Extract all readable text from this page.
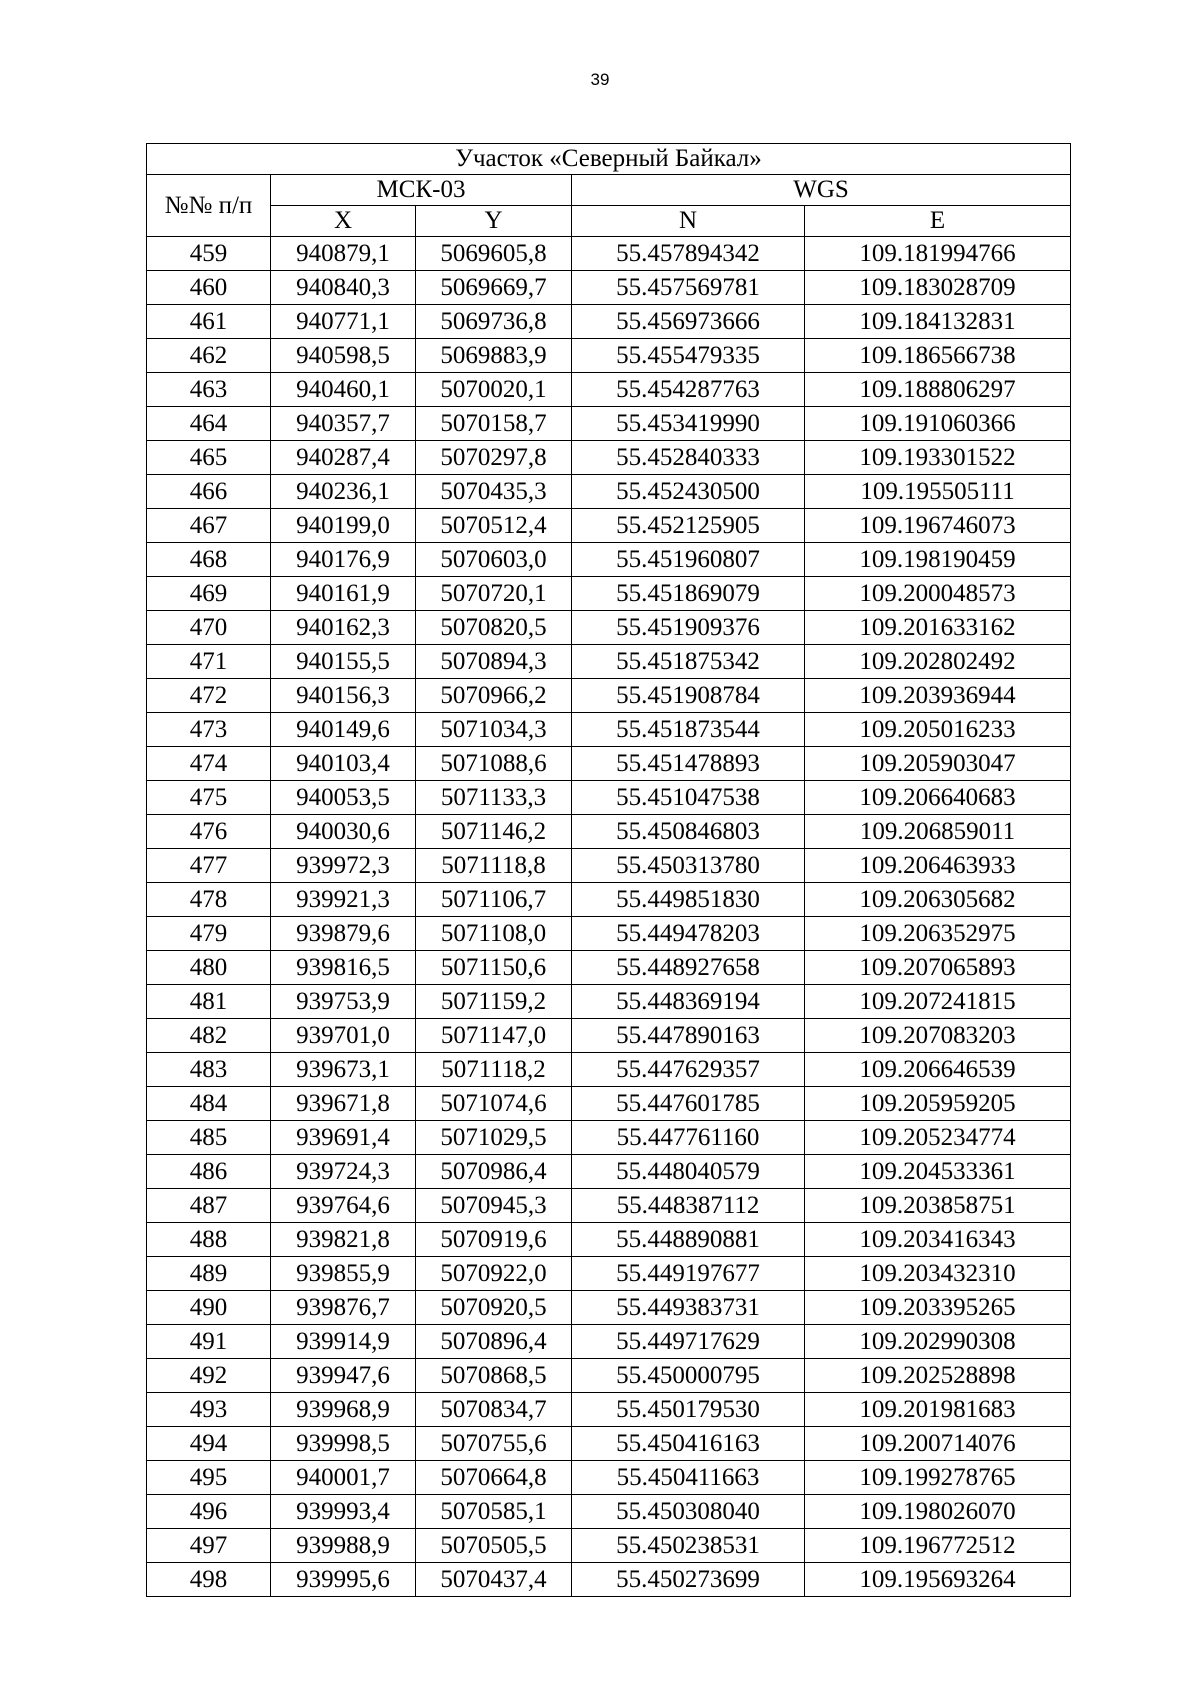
39
Участок «Северный Байкал»				
№№ п/п	МСК-03		WGS	
	X	Y	N	E
459	940879,1	5069605,8	55.457894342	109.181994766
460	940840,3	5069669,7	55.457569781	109.183028709
461	940771,1	5069736,8	55.456973666	109.184132831
462	940598,5	5069883,9	55.455479335	109.186566738
463	940460,1	5070020,1	55.454287763	109.188806297
464	940357,7	5070158,7	55.453419990	109.191060366
465	940287,4	5070297,8	55.452840333	109.193301522
466	940236,1	5070435,3	55.452430500	109.195505111
467	940199,0	5070512,4	55.452125905	109.196746073
468	940176,9	5070603,0	55.451960807	109.198190459
469	940161,9	5070720,1	55.451869079	109.200048573
470	940162,3	5070820,5	55.451909376	109.201633162
471	940155,5	5070894,3	55.451875342	109.202802492
472	940156,3	5070966,2	55.451908784	109.203936944
473	940149,6	5071034,3	55.451873544	109.205016233
474	940103,4	5071088,6	55.451478893	109.205903047
475	940053,5	5071133,3	55.451047538	109.206640683
476	940030,6	5071146,2	55.450846803	109.206859011
477	939972,3	5071118,8	55.450313780	109.206463933
478	939921,3	5071106,7	55.449851830	109.206305682
479	939879,6	5071108,0	55.449478203	109.206352975
480	939816,5	5071150,6	55.448927658	109.207065893
481	939753,9	5071159,2	55.448369194	109.207241815
482	939701,0	5071147,0	55.447890163	109.207083203
483	939673,1	5071118,2	55.447629357	109.206646539
484	939671,8	5071074,6	55.447601785	109.205959205
485	939691,4	5071029,5	55.447761160	109.205234774
486	939724,3	5070986,4	55.448040579	109.204533361
487	939764,6	5070945,3	55.448387112	109.203858751
488	939821,8	5070919,6	55.448890881	109.203416343
489	939855,9	5070922,0	55.449197677	109.203432310
490	939876,7	5070920,5	55.449383731	109.203395265
491	939914,9	5070896,4	55.449717629	109.202990308
492	939947,6	5070868,5	55.450000795	109.202528898
493	939968,9	5070834,7	55.450179530	109.201981683
494	939998,5	5070755,6	55.450416163	109.200714076
495	940001,7	5070664,8	55.450411663	109.199278765
496	939993,4	5070585,1	55.450308040	109.198026070
497	939988,9	5070505,5	55.450238531	109.196772512
498	939995,6	5070437,4	55.450273699	109.195693264
